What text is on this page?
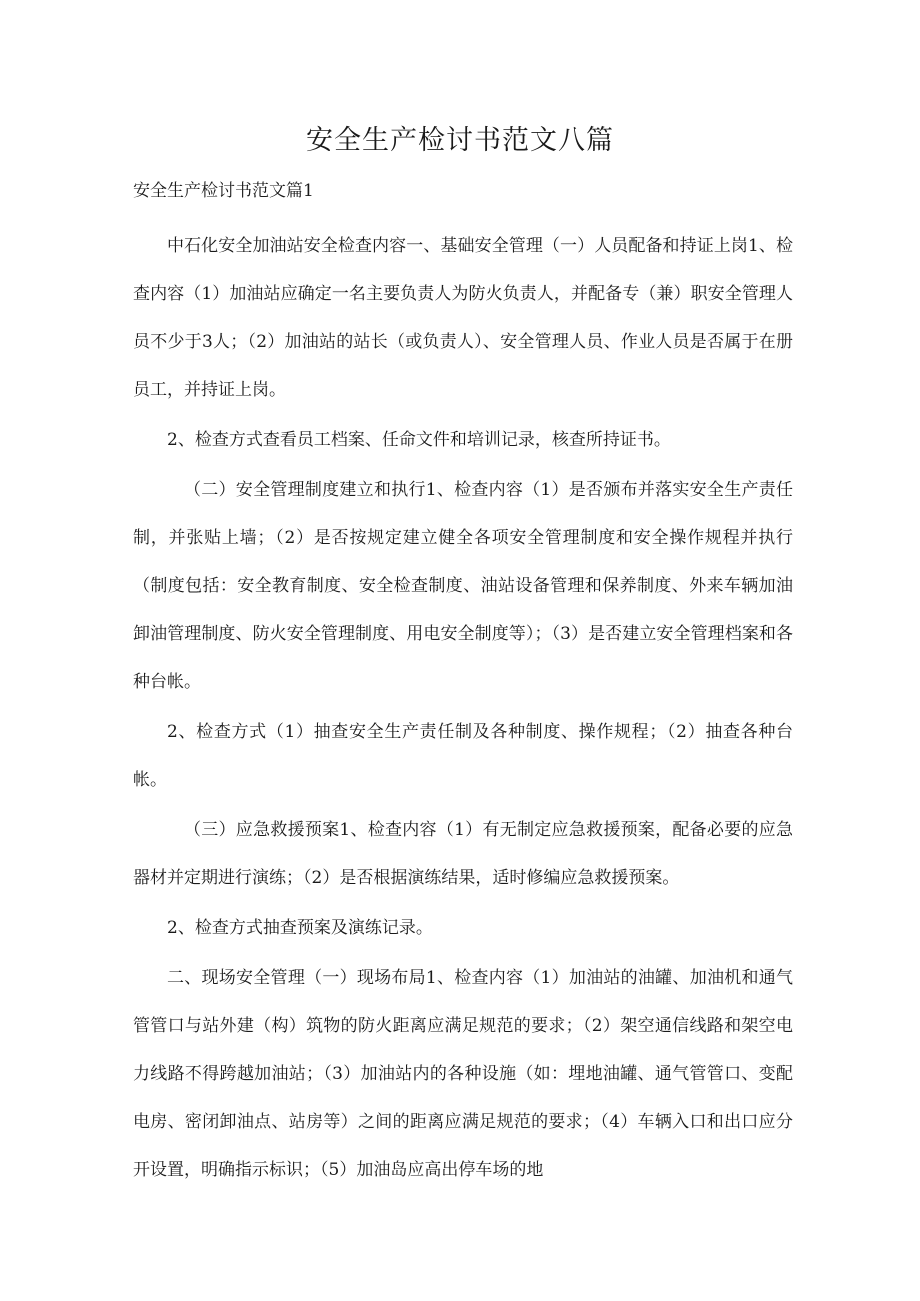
安全生产检讨书范文八篇
安全生产检讨书范文篇1

中石化安全加油站安全检查内容一、基础安全管理（一）人员配备和持证上岗1、检查内容（1）加油站应确定一名主要负责人为防火负责人，并配备专（兼）职安全管理人员不少于3人；（2）加油站的站长（或负责人）、安全管理人员、作业人员是否属于在册员工，并持证上岗。

2、检查方式查看员工档案、任命文件和培训记录，核查所持证书。

（二）安全管理制度建立和执行1、检查内容（1）是否颁布并落实安全生产责任制，并张贴上墙；（2）是否按规定建立健全各项安全管理制度和安全操作规程并执行（制度包括：安全教育制度、安全检查制度、油站设备管理和保养制度、外来车辆加油卸油管理制度、防火安全管理制度、用电安全制度等）；（3）是否建立安全管理档案和各种台帐。

2、检查方式（1）抽查安全生产责任制及各种制度、操作规程；（2）抽查各种台帐。

（三）应急救援预案1、检查内容（1）有无制定应急救援预案，配备必要的应急器材并定期进行演练；（2）是否根据演练结果，适时修编应急救援预案。

2、检查方式抽查预案及演练记录。

二、现场安全管理（一）现场布局1、检查内容（1）加油站的油罐、加油机和通气管管口与站外建（构）筑物的防火距离应满足规范的要求；（2）架空通信线路和架空电力线路不得跨越加油站；（3）加油站内的各种设施（如：埋地油罐、通气管管口、变配电房、密闭卸油点、站房等）之间的距离应满足规范的要求；（4）车辆入口和出口应分开设置，明确指示标识；（5）加油岛应高出停车场的地
